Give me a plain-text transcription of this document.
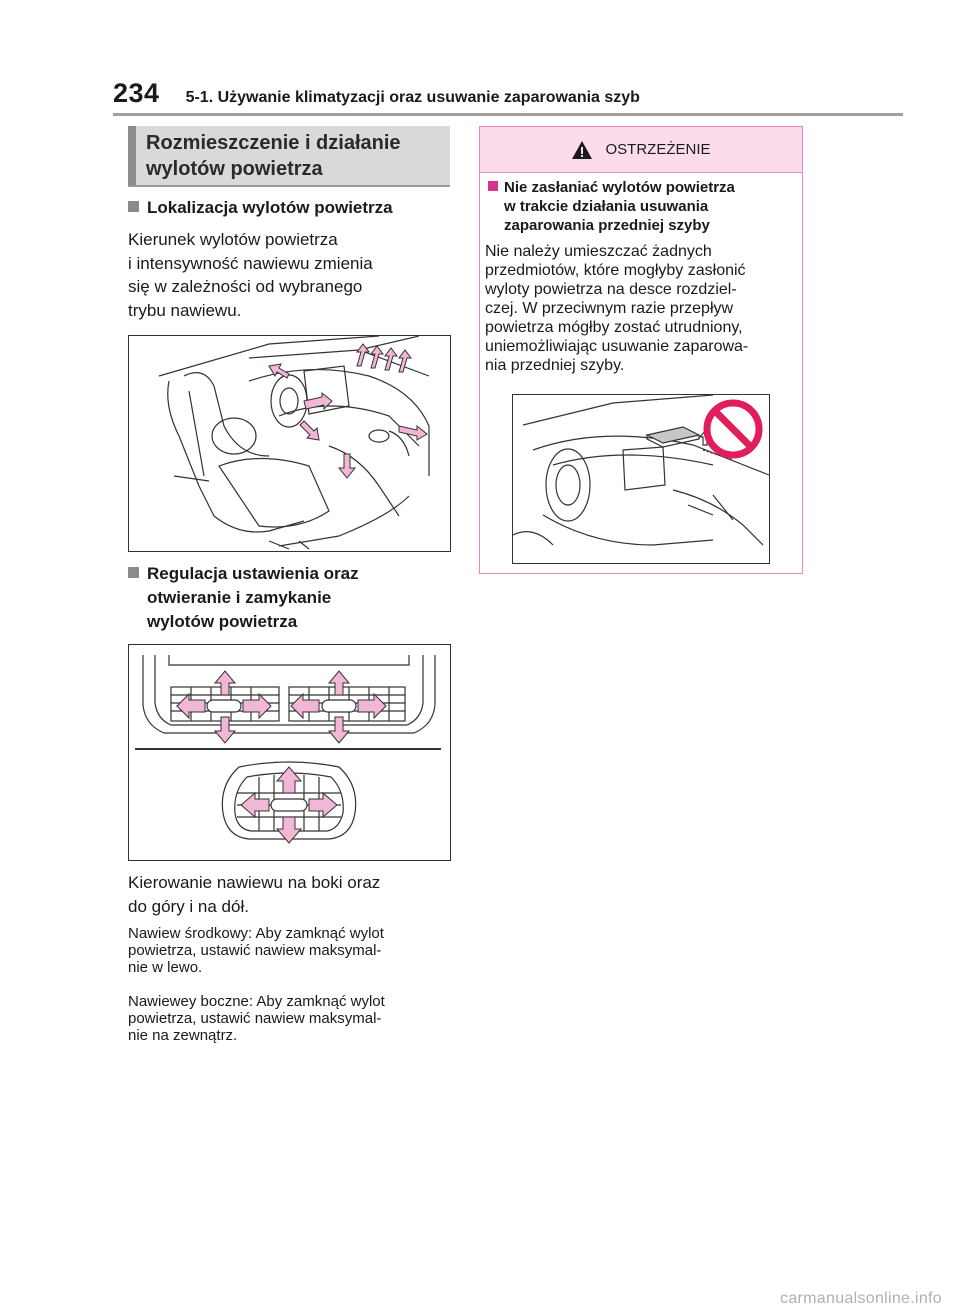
234 5-1. Używanie klimatyzacji oraz usuwanie zaparowania szyb
Rozmieszczenie i działanie
wylotów powietrza
Lokalizacja wylotów powietrza
Kierunek wylotów powietrza
i intensywność nawiewu zmienia
się w zależności od wybranego
trybu nawiewu.
Regulacja ustawienia oraz
otwieranie i zamykanie
wylotów powietrza
Kierowanie nawiewu na boki oraz
do góry i na dół.
Nawiew środkowy: Aby zamknąć wylot
powietrza, ustawić nawiew maksymal-
nie w lewo.
Nawiewey boczne: Aby zamknąć wylot
powietrza, ustawić nawiew maksymal-
nie na zewnątrz.
OSTRZEŻENIE
Nie zasłaniać wylotów powietrza
w trakcie działania usuwania
zaparowania przedniej szyby
Nie należy umieszczać żadnych
przedmiotów, które mogłyby zasłonić
wyloty powietrza na desce rozdziel-
czej. W przeciwnym razie przepływ
powietrza mógłby zostać utrudniony,
uniemożliwiając usuwanie zaparowa-
nia przedniej szyby.
carmanualsonline.info
